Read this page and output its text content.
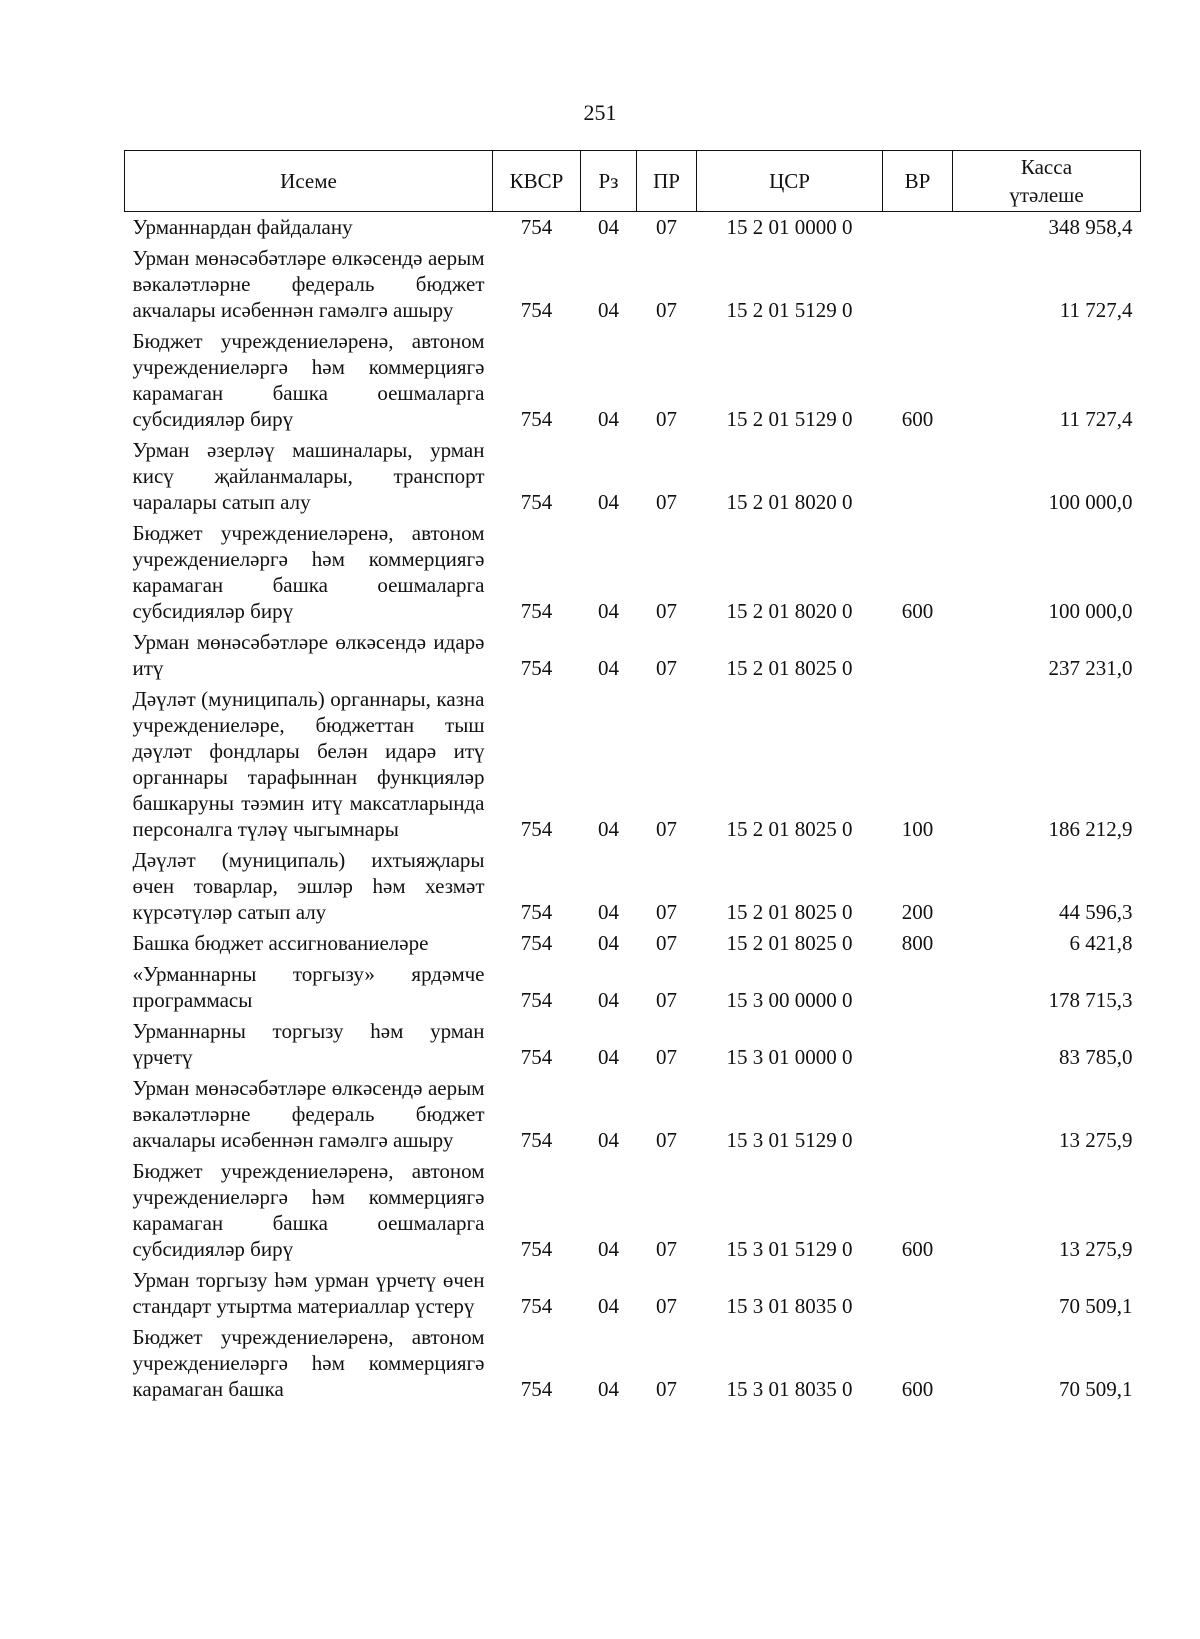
251
Исеме	КВСР	Рз	ПР	ЦСР	ВР	Касса
үтәлеше

Урманнардан файдалану	754	04	07	15 2 01 0000 0		348 958,4
Урман мөнәсәбәтләре өлкәсендә аерым вәкаләтләрне федераль бюджет акчалары исәбеннән гамәлгә ашыру	754	04	07	15 2 01 5129 0		11 727,4
Бюджет учреждениеләренә, автоном учреждениеләргә һәм коммерциягә карамаган башка оешмаларга субсидияләр бирү	754	04	07	15 2 01 5129 0	600	11 727,4
Урман әзерләү машиналары, урман кисү җайланмалары, транспорт чаралары сатып алу	754	04	07	15 2 01 8020 0		100 000,0
Бюджет учреждениеләренә, автоном учреждениеләргә һәм коммерциягә карамаган башка оешмаларга субсидияләр бирү	754	04	07	15 2 01 8020 0	600	100 000,0
Урман мөнәсәбәтләре өлкәсендә идарә итү	754	04	07	15 2 01 8025 0		237 231,0
Дәүләт (муниципаль) органнары, казна учреждениеләре, бюджеттан тыш дәүләт фондлары белән идарә итү органнары тарафыннан функцияләр башкаруны тәэмин итү максатларында персоналга түләү чыгымнары	754	04	07	15 2 01 8025 0	100	186 212,9
Дәүләт (муниципаль) ихтыяҗлары өчен товарлар, эшләр һәм хезмәт күрсәтүләр сатып алу	754	04	07	15 2 01 8025 0	200	44 596,3
Башка бюджет ассигнованиеләре	754	04	07	15 2 01 8025 0	800	6 421,8
«Урманнарны торгызу» ярдәмче программасы	754	04	07	15 3 00 0000 0		178 715,3
Урманнарны торгызу һәм урман үрчетү	754	04	07	15 3 01 0000 0		83 785,0
Урман мөнәсәбәтләре өлкәсендә аерым вәкаләтләрне федераль бюджет акчалары исәбеннән гамәлгә ашыру	754	04	07	15 3 01 5129 0		13 275,9
Бюджет учреждениеләренә, автоном учреждениеләргә һәм коммерциягә карамаган башка оешмаларга субсидияләр бирү	754	04	07	15 3 01 5129 0	600	13 275,9
Урман торгызу һәм урман үрчетү өчен стандарт утыртма материаллар үстерү	754	04	07	15 3 01 8035 0		70 509,1
Бюджет учреждениеләренә, автоном учреждениеләргә һәм коммерциягә карамаган башка	754	04	07	15 3 01 8035 0	600	70 509,1
